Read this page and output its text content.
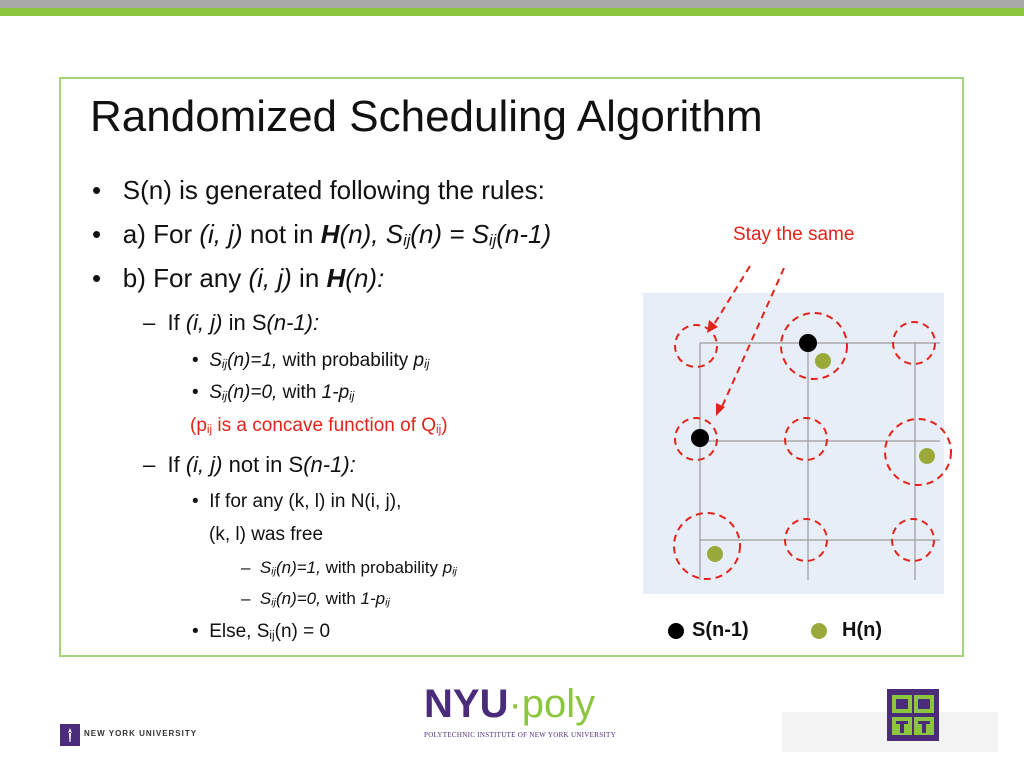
Randomized Scheduling Algorithm
• S(n) is generated following the rules:
• a) For (i, j) not in H(n), $S_{ij}(n) = S_{ij}(n-1)$
• b) For any (i, j) in H(n):
– If (i, j) in S(n-1):
• $S_{ij}(n)=1$, with probability $p_{ij}$
• $S_{ij}(n)=0$, with $1-p_{ij}$
($p_{ij}$ is a concave function of $Q_{ij}$)
– If (i, j) not in S(n-1):
• If for any (k, l) in N(i, j),
(k, l) was free
– $S_{ij}(n)=1$, with probability $p_{ij}$
– $S_{ij}(n)=0$, with $1-p_{ij}$
• Else, $S_{ij}(n) = 0$
Stay the same
S(n-1)	H(n)
NEW YORK UNIVERSITY
NYU·poly
POLYTECHNIC INSTITUTE OF NEW YORK UNIVERSITY
